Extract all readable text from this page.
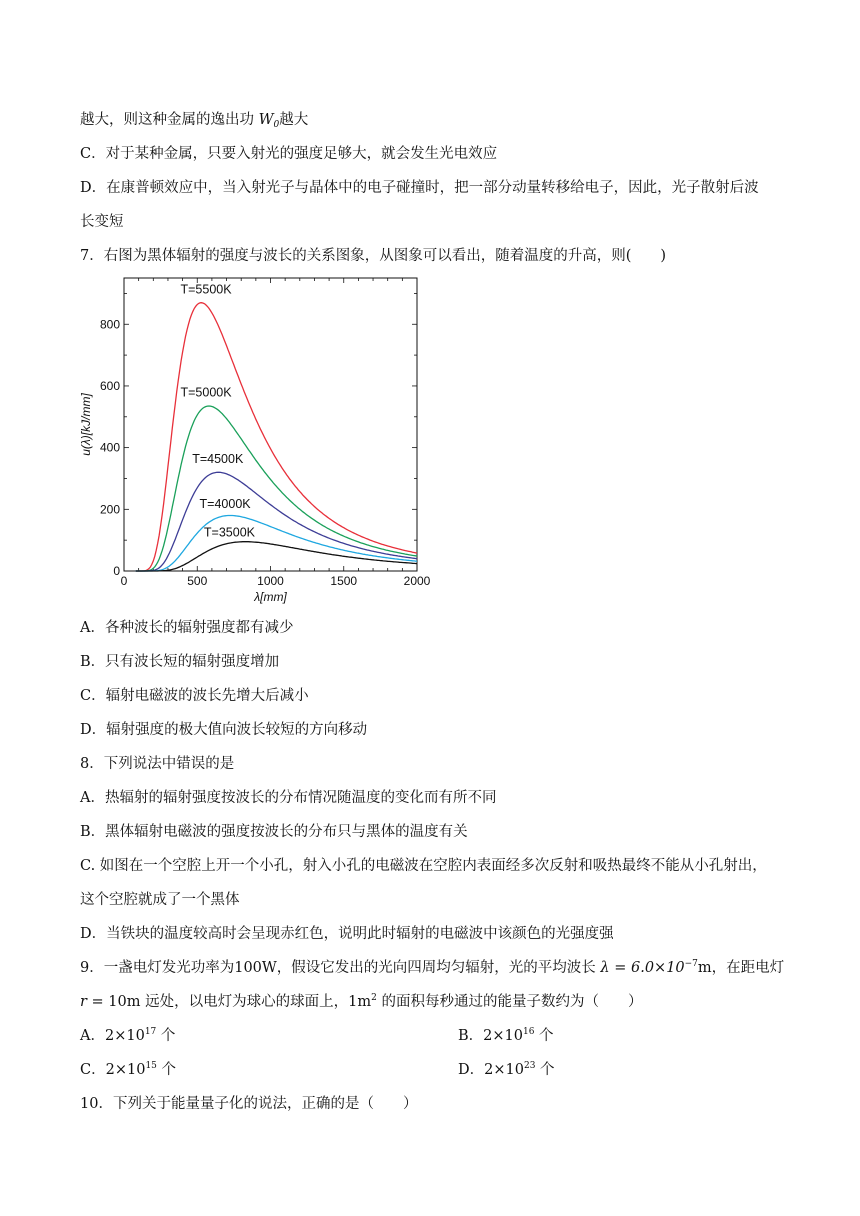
越大，则这种金属的逸出功 $W_0$越大
C．对于某种金属，只要入射光的强度足够大，就会发生光电效应
D．在康普顿效应中，当入射光子与晶体中的电子碰撞时，把一部分动量转移给电子，因此，光子散射后波
长变短
7．右图为黑体辐射的强度与波长的关系图象，从图象可以看出，随着温度的升高，则(　　)
0	500	1000	1500	2000
0
200
400
600
800
λ[mm]
u(λ)[kJ/mm]
T=5500K
T=5000K
T=4500K
T=4000K
T=3500K
A．各种波长的辐射强度都有减少
B．只有波长短的辐射强度增加
C．辐射电磁波的波长先增大后减小
D．辐射强度的极大值向波长较短的方向移动
8．下列说法中错误的是
A．热辐射的辐射强度按波长的分布情况随温度的变化而有所不同
B．黑体辐射电磁波的强度按波长的分布只与黑体的温度有关
C. 如图在一个空腔上开一个小孔，射入小孔的电磁波在空腔内表面经多次反射和吸热最终不能从小孔射出，
这个空腔就成了一个黑体
D．当铁块的温度较高时会呈现赤红色，说明此时辐射的电磁波中该颜色的光强度强
9．一盏电灯发光功率为100W，假设它发出的光向四周均匀辐射，光的平均波长 $\lambda = 6.0\times 10^{-7}m$，在距电灯
r = 10m 远处，以电灯为球心的球面上，$1m^2$ 的面积每秒通过的能量子数约为（　　）
A．$2\times 10^{17}$ 个	B．$2\times 10^{16}$ 个
C．$2\times 10^{15}$ 个	D．$2\times 10^{23}$ 个
10．下列关于能量量子化的说法，正确的是（　　）
